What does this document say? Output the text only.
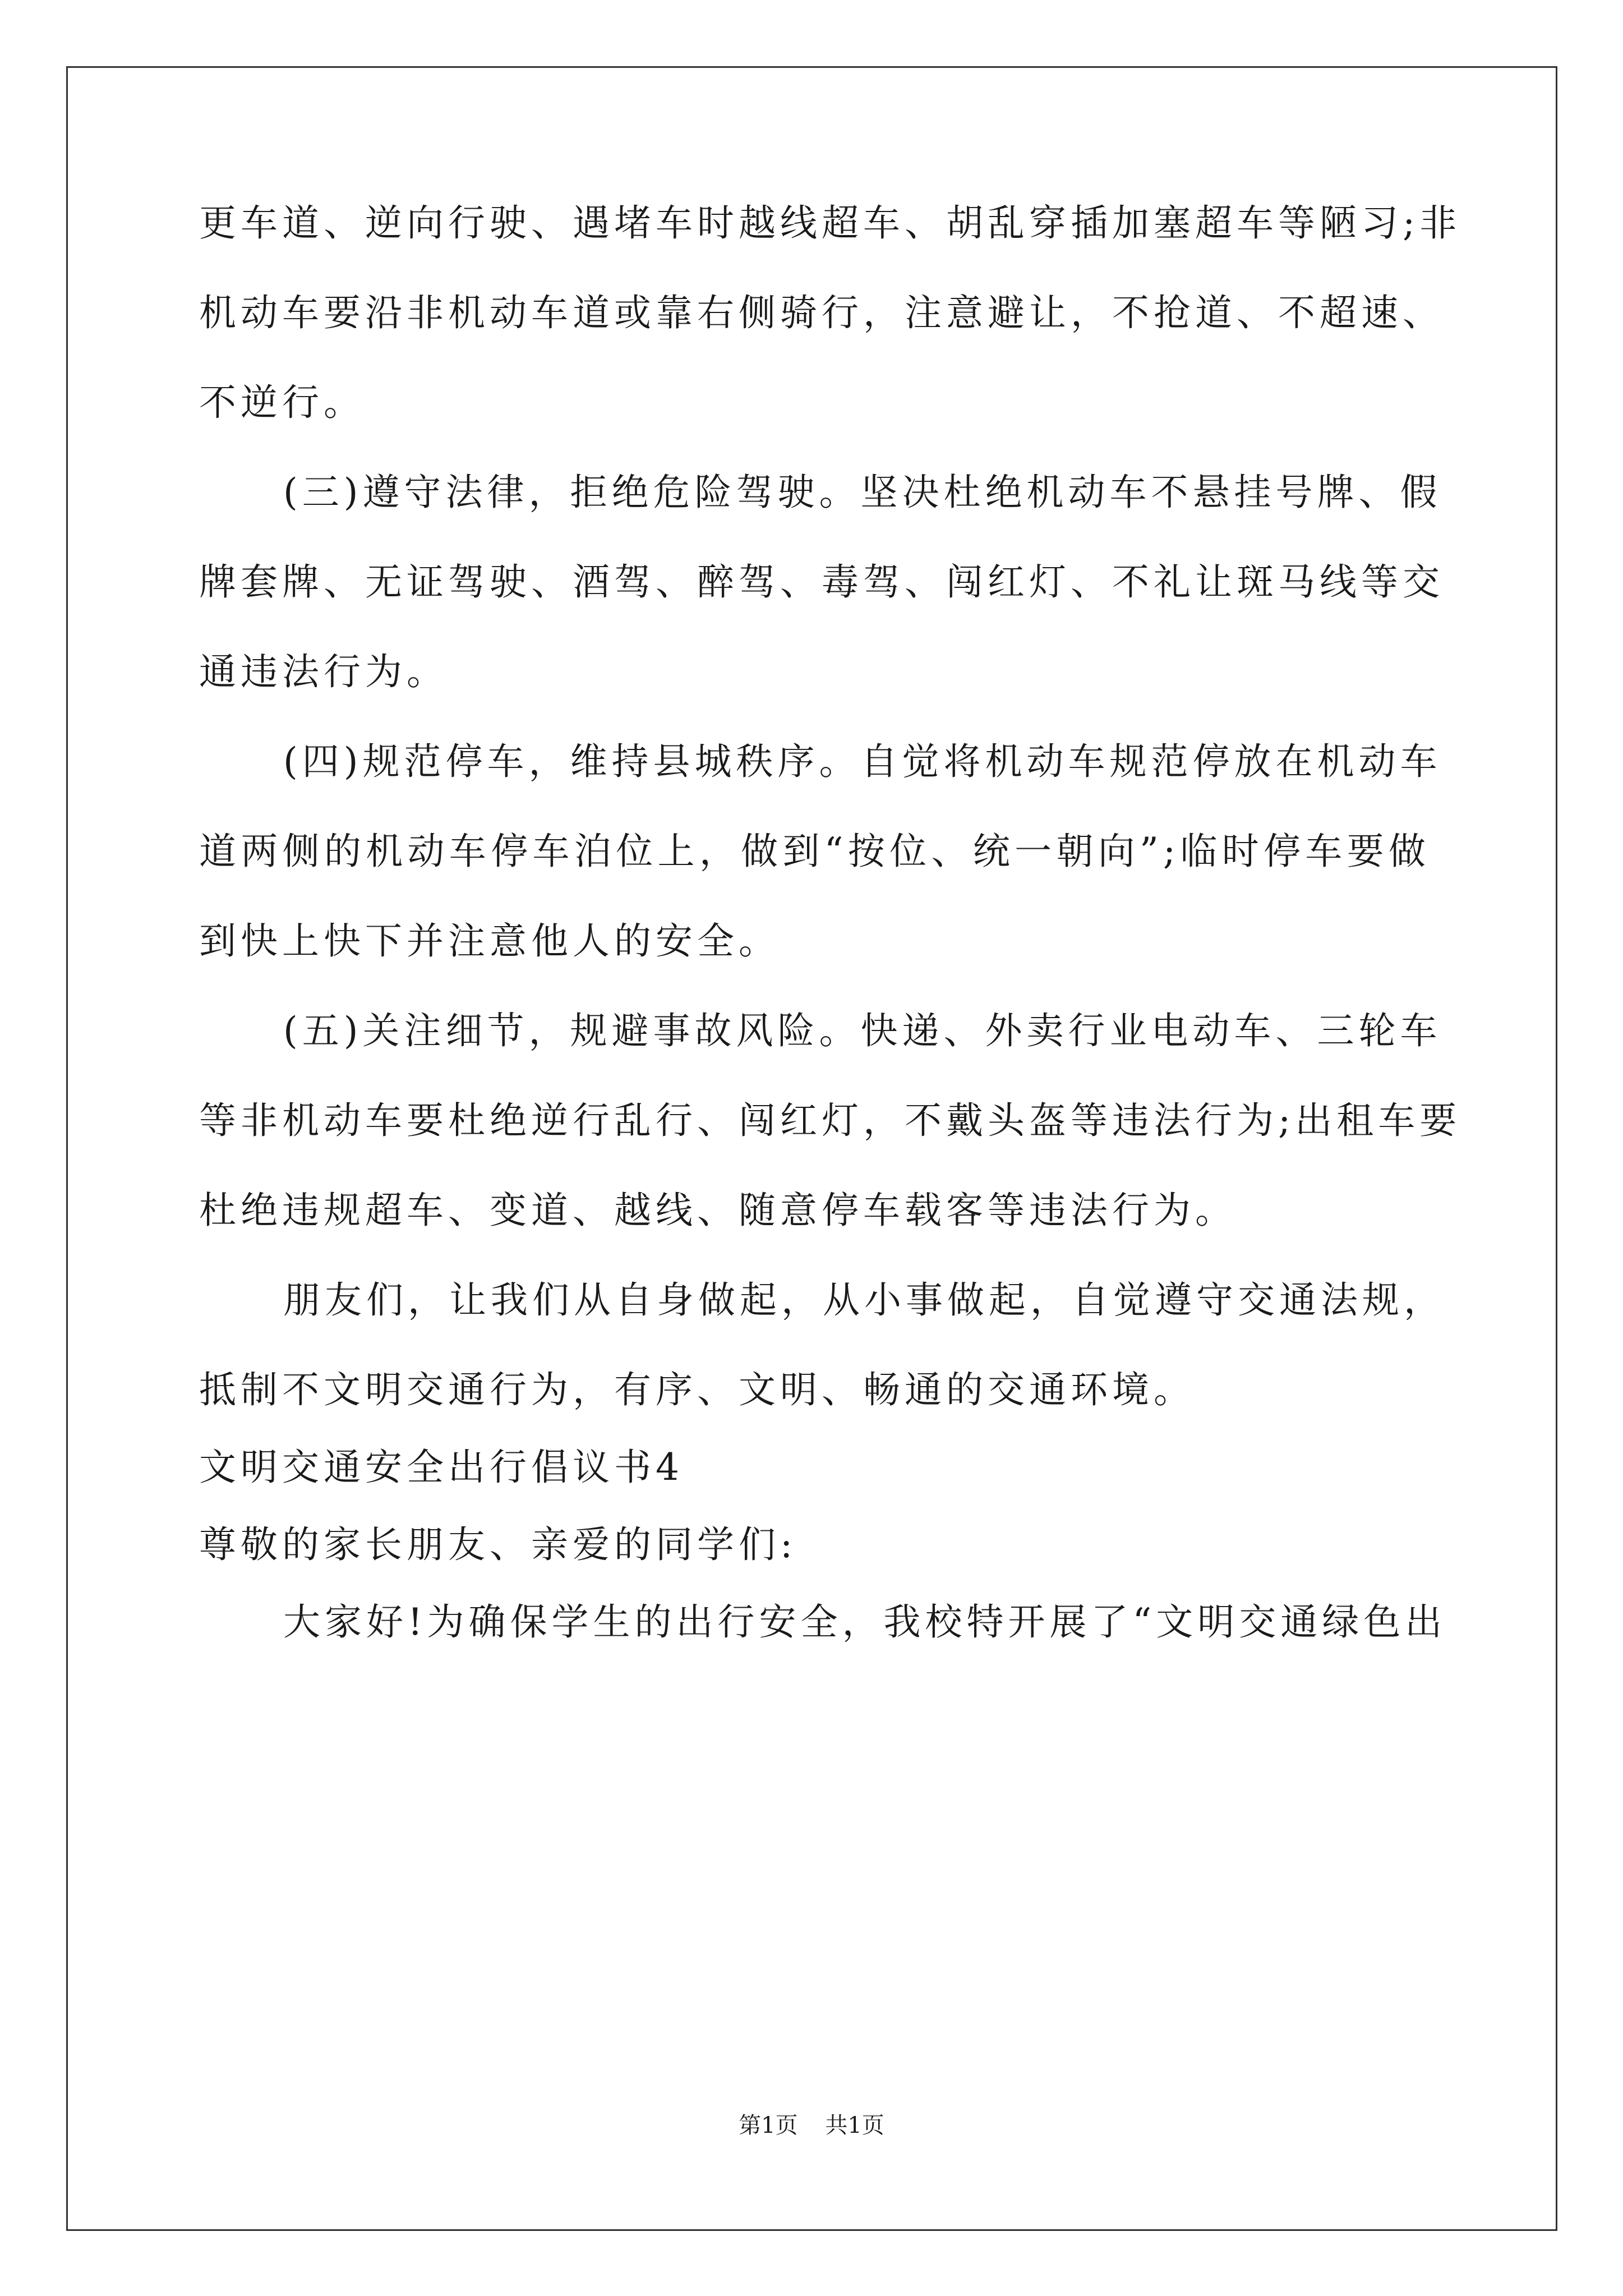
更车道、逆向行驶、遇堵车时越线超车、胡乱穿插加塞超车等陋习;非
机动车要沿非机动车道或靠右侧骑行，注意避让，不抢道、不超速、
不逆行。
(三)遵守法律，拒绝危险驾驶。坚决杜绝机动车不悬挂号牌、假
牌套牌、无证驾驶、酒驾、醉驾、毒驾、闯红灯、不礼让斑马线等交
通违法行为。
(四)规范停车，维持县城秩序。自觉将机动车规范停放在机动车
道两侧的机动车停车泊位上，做到“按位、统一朝向”;临时停车要做
到快上快下并注意他人的安全。
(五)关注细节，规避事故风险。快递、外卖行业电动车、三轮车
等非机动车要杜绝逆行乱行、闯红灯，不戴头盔等违法行为;出租车要
杜绝违规超车、变道、越线、随意停车载客等违法行为。
朋友们，让我们从自身做起，从小事做起，自觉遵守交通法规，
抵制不文明交通行为，有序、文明、畅通的交通环境。
文明交通安全出行倡议书4
尊敬的家长朋友、亲爱的同学们:
大家好!为确保学生的出行安全，我校特开展了“文明交通绿色出
第1页 共1页
